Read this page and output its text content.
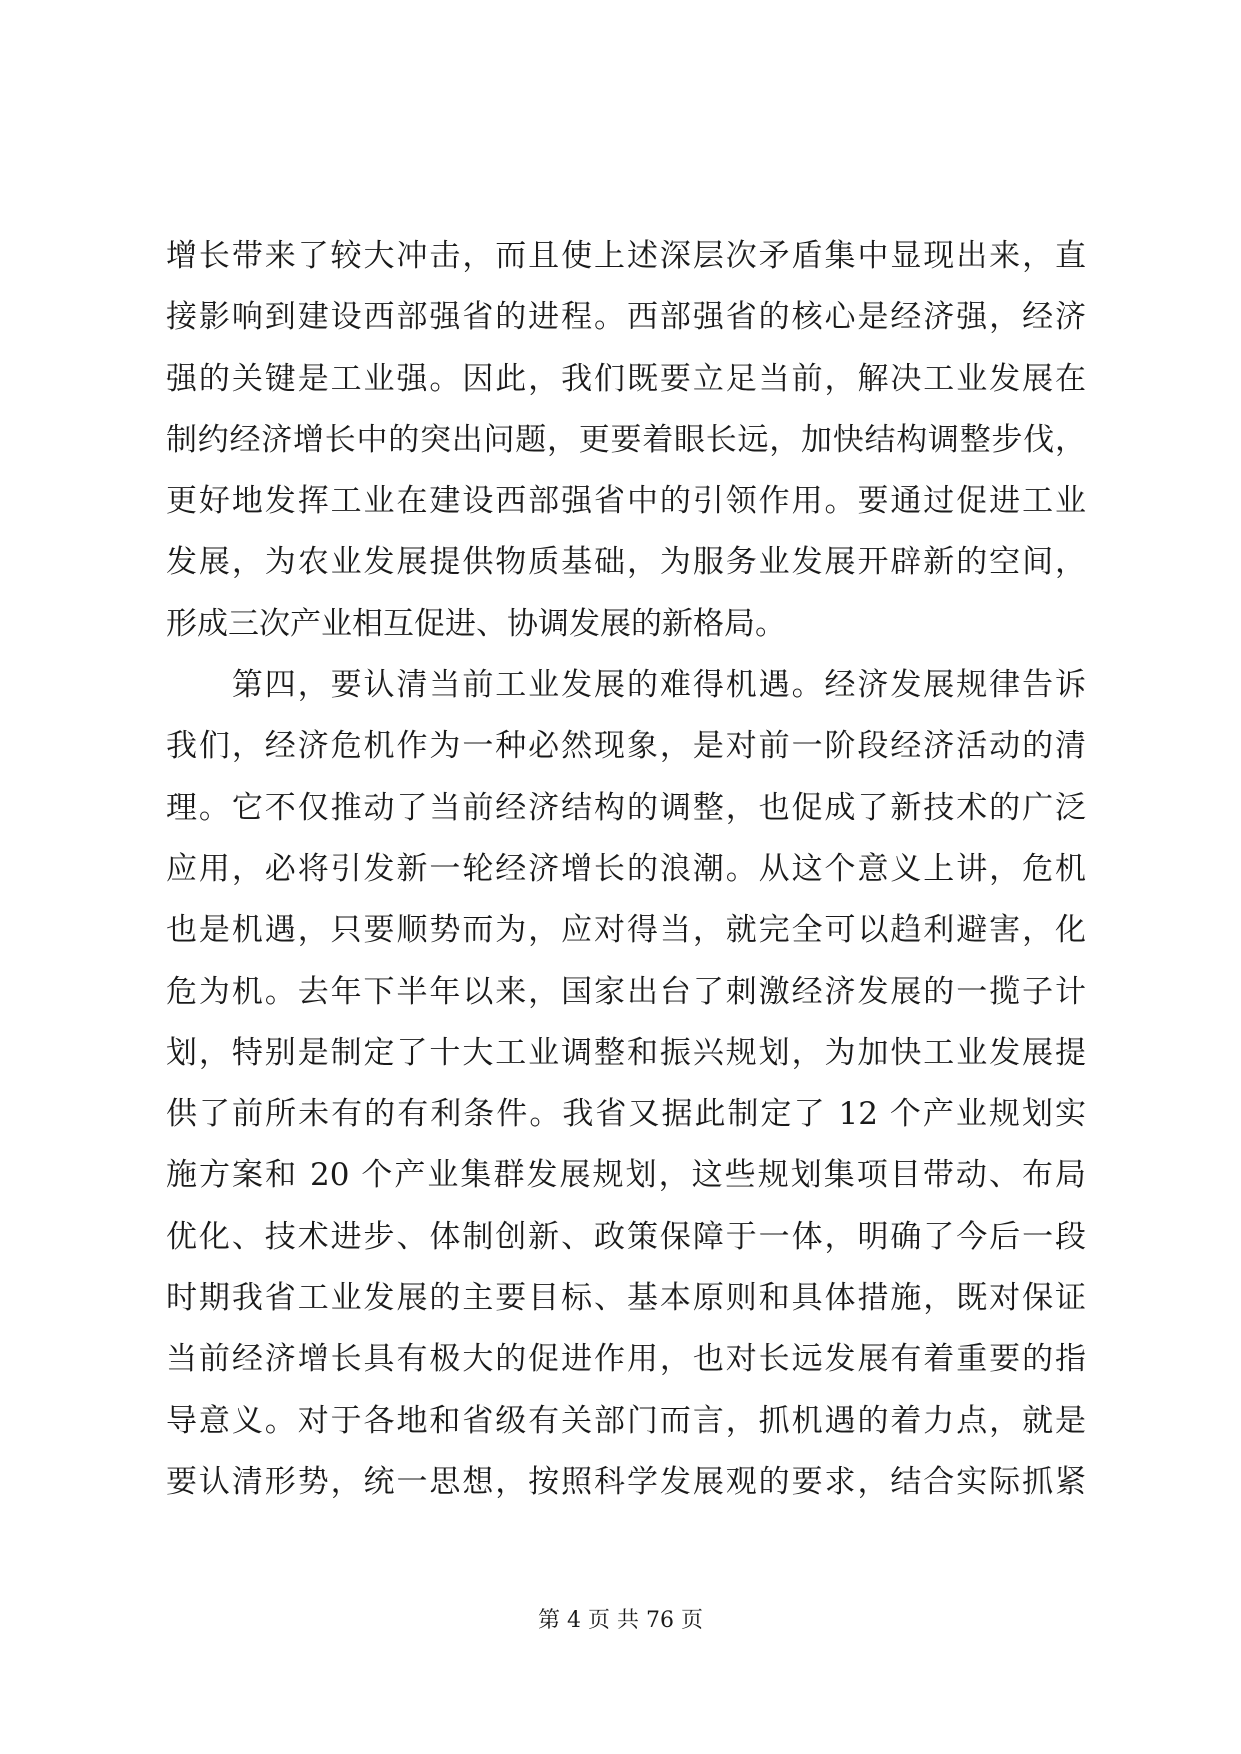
增长带来了较大冲击，而且使上述深层次矛盾集中显现出来，直
接影响到建设西部强省的进程。西部强省的核心是经济强，经济
强的关键是工业强。因此，我们既要立足当前，解决工业发展在
制约经济增长中的突出问题，更要着眼长远，加快结构调整步伐，
更好地发挥工业在建设西部强省中的引领作用。要通过促进工业
发展，为农业发展提供物质基础，为服务业发展开辟新的空间，
形成三次产业相互促进、协调发展的新格局。
　　第四，要认清当前工业发展的难得机遇。经济发展规律告诉
我们，经济危机作为一种必然现象，是对前一阶段经济活动的清
理。它不仅推动了当前经济结构的调整，也促成了新技术的广泛
应用，必将引发新一轮经济增长的浪潮。从这个意义上讲，危机
也是机遇，只要顺势而为，应对得当，就完全可以趋利避害，化
危为机。去年下半年以来，国家出台了刺激经济发展的一揽子计
划，特别是制定了十大工业调整和振兴规划，为加快工业发展提
供了前所未有的有利条件。我省又据此制定了 12 个产业规划实
施方案和 20 个产业集群发展规划，这些规划集项目带动、布局
优化、技术进步、体制创新、政策保障于一体，明确了今后一段
时期我省工业发展的主要目标、基本原则和具体措施，既对保证
当前经济增长具有极大的促进作用，也对长远发展有着重要的指
导意义。对于各地和省级有关部门而言，抓机遇的着力点，就是
要认清形势，统一思想，按照科学发展观的要求，结合实际抓紧
第 4 页 共 76 页
